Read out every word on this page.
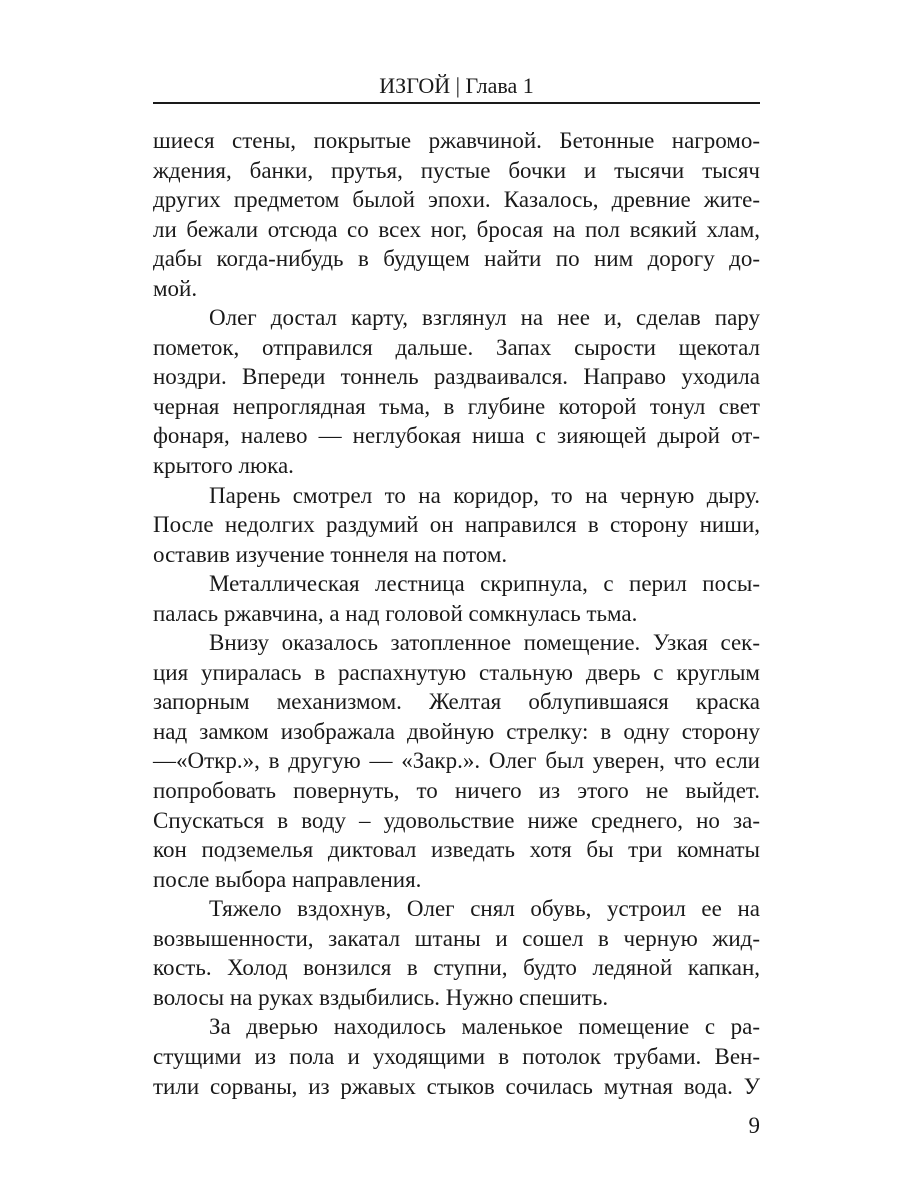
ИЗГОЙ | Глава 1
шиеся стены, покрытые ржавчиной. Бетонные нагромо-
ждения, банки, прутья, пустые бочки и тысячи тысяч
других предметом былой эпохи. Казалось, древние жите-
ли бежали отсюда со всех ног, бросая на пол всякий хлам,
дабы когда-нибудь в будущем найти по ним дорогу до-
мой.
Олег достал карту, взглянул на нее и, сделав пару
пометок, отправился дальше. Запах сырости щекотал
ноздри. Впереди тоннель раздваивался. Направо уходила
черная непроглядная тьма, в глубине которой тонул свет
фонаря, налево — неглубокая ниша с зияющей дырой от-
крытого люка.
Парень смотрел то на коридор, то на черную дыру.
После недолгих раздумий он направился в сторону ниши,
оставив изучение тоннеля на потом.
Металлическая лестница скрипнула, с перил посы-
палась ржавчина, а над головой сомкнулась тьма.
Внизу оказалось затопленное помещение. Узкая сек-
ция упиралась в распахнутую стальную дверь с круглым
запорным механизмом. Желтая облупившаяся краска
над замком изображала двойную стрелку: в одну сторону
—«Откр.», в другую — «Закр.». Олег был уверен, что если
попробовать повернуть, то ничего из этого не выйдет.
Спускаться в воду – удовольствие ниже среднего, но за-
кон подземелья диктовал изведать хотя бы три комнаты
после выбора направления.
Тяжело вздохнув, Олег снял обувь, устроил ее на
возвышенности, закатал штаны и сошел в черную жид-
кость. Холод вонзился в ступни, будто ледяной капкан,
волосы на руках вздыбились. Нужно спешить.
За дверью находилось маленькое помещение с ра-
стущими из пола и уходящими в потолок трубами. Вен-
тили сорваны, из ржавых стыков сочилась мутная вода. У
9
